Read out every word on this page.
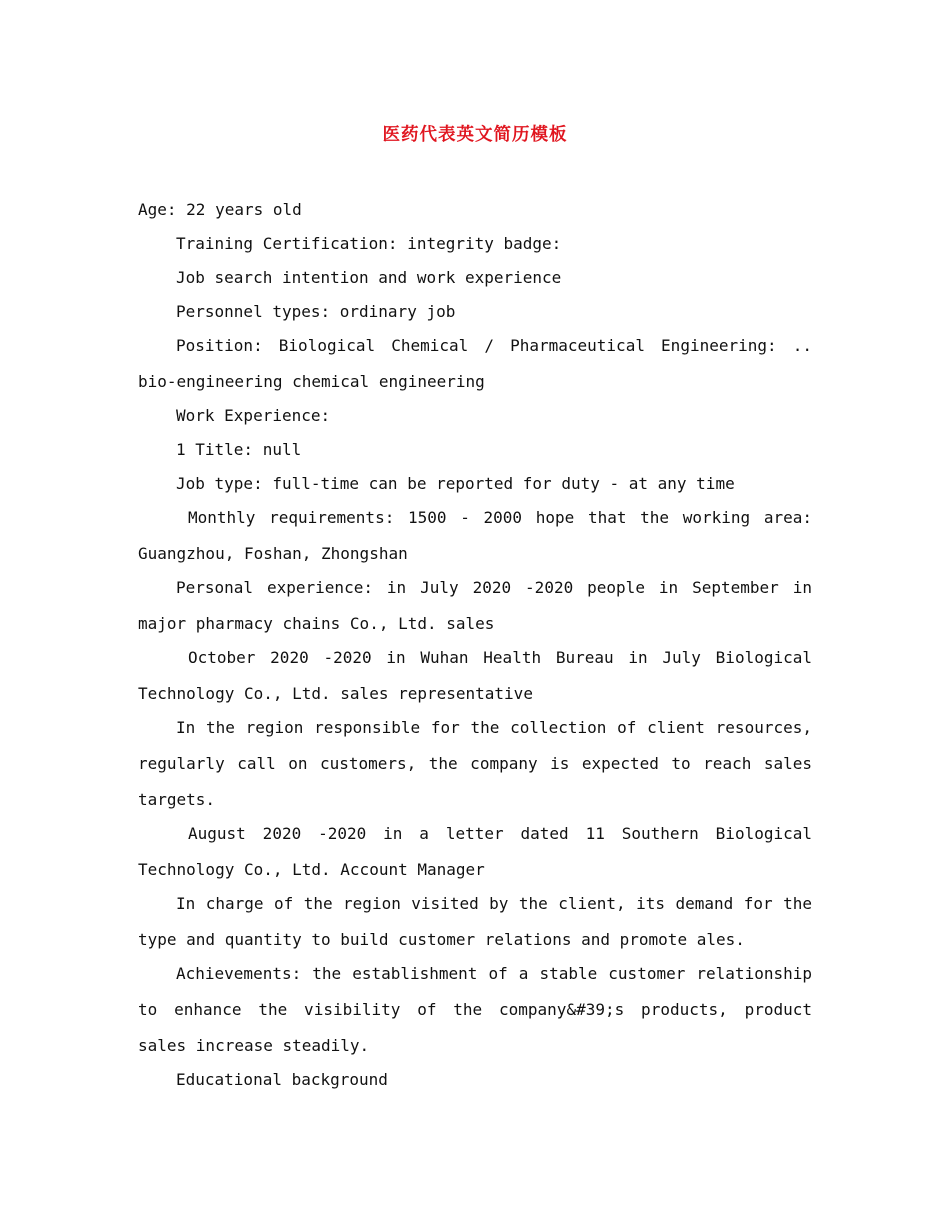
医药代表英文简历模板

Age: 22 years old

Training Certification: integrity badge:

Job search intention and work experience

Personnel types: ordinary job

Position: Biological Chemical / Pharmaceutical Engineering: .. bio-engineering chemical engineering

Work Experience:

1 Title: null

Job type: full-time can be reported for duty - at any time

Monthly requirements: 1500 - 2000 hope that the working area: Guangzhou, Foshan, Zhongshan

Personal experience: in July 2020 -2020 people in September in major pharmacy chains Co., Ltd. sales

October 2020 -2020 in Wuhan Health Bureau in July Biological Technology Co., Ltd. sales representative

In the region responsible for the collection of client resources, regularly call on customers, the company is expected to reach sales targets.

August 2020 -2020 in a letter dated 11 Southern Biological Technology Co., Ltd. Account Manager

In charge of the region visited by the client, its demand for the type and quantity to build customer relations and promote ales.

Achievements: the establishment of a stable customer relationship to enhance the visibility of the company&#39;s products, product sales increase steadily.

Educational background
